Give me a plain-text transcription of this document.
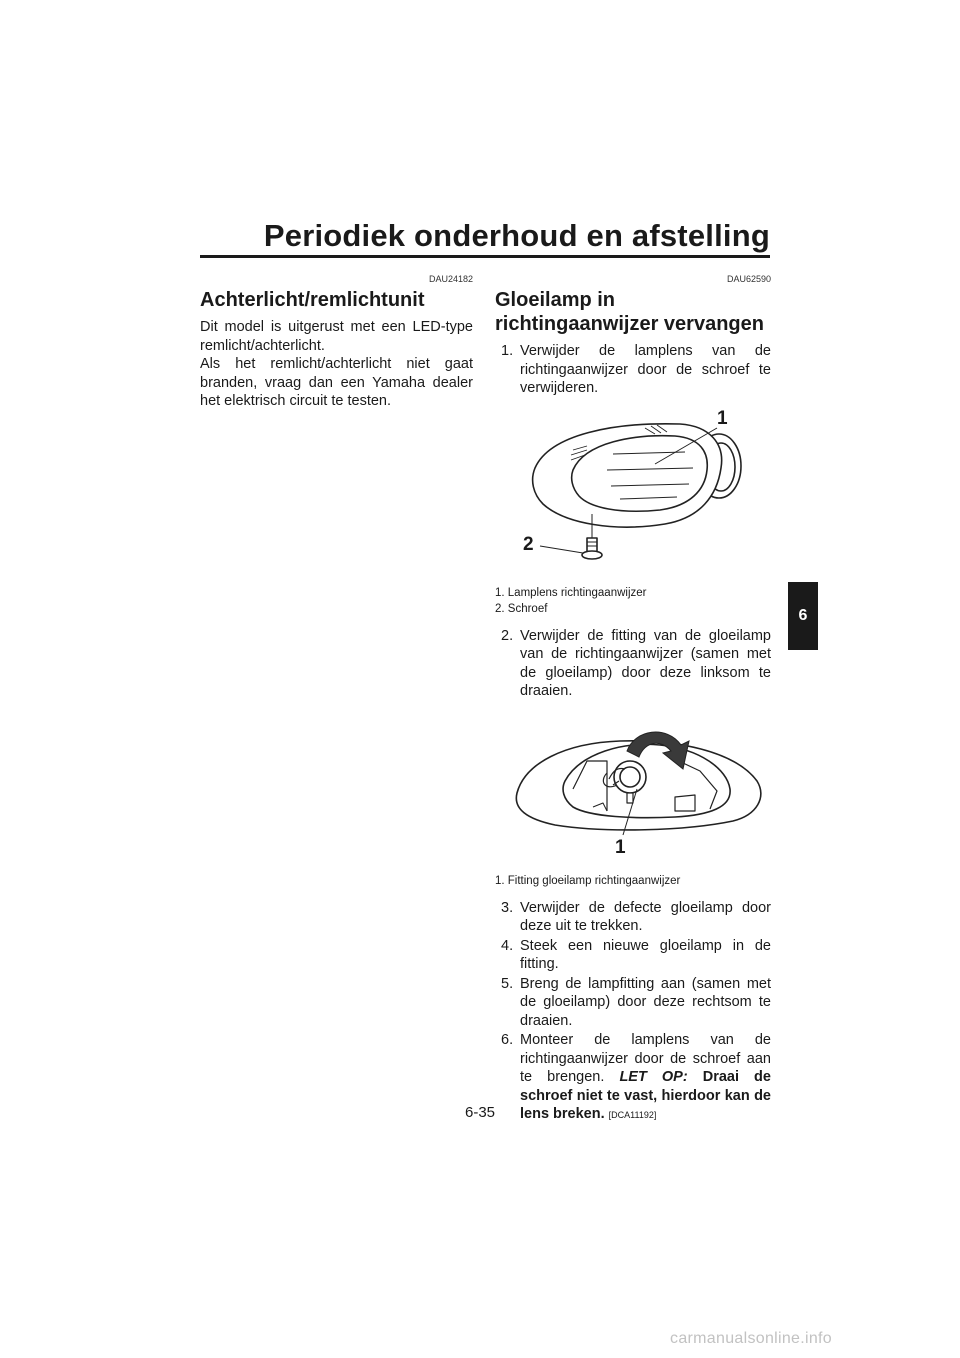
Periodiek onderhoud en afstelling
6
DAU24182
Achterlicht/remlichtunit

Dit model is uitgerust met een LED-type remlicht/achterlicht.

Als het remlicht/achterlicht niet gaat branden, vraag dan een Yamaha dealer het elektrisch circuit te testen.

DAU62590
Gloeilamp in richtingaanwijzer vervangen
1. Verwijder de lamplens van de richtingaanwijzer door de schroef te verwijderen.
1
2
1. Lamplens richtingaanwijzer
2. Schroef
2. Verwijder de fitting van de gloeilamp van de richtingaanwijzer (samen met de gloeilamp) door deze linksom te draaien.
1
1. Fitting gloeilamp richtingaanwijzer
3. Verwijder de defecte gloeilamp door deze uit te trekken.
4. Steek een nieuwe gloeilamp in de fitting.
5. Breng de lampfitting aan (samen met de gloeilamp) door deze rechtsom te draaien.
6. Monteer de lamplens van de richtingaanwijzer door de schroef aan te brengen. LET OP: Draai de schroef niet te vast, hierdoor kan de lens breken. [DCA11192]
6-35
carmanualsonline.info
